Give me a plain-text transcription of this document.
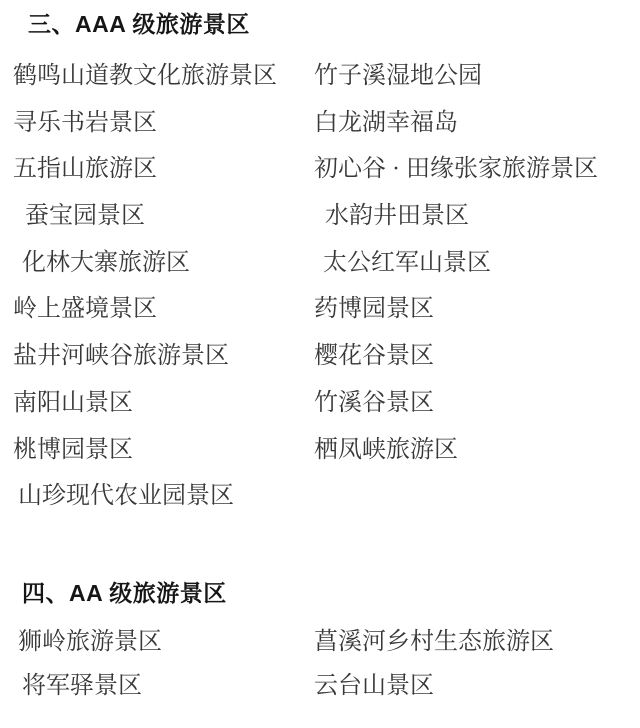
三、AAA 级旅游景区
鹤鸣山道教文化旅游景区	竹子溪湿地公园
寻乐书岩景区	白龙湖幸福岛
五指山旅游区	初心谷 · 田缘张家旅游景区
蚕宝园景区	水韵井田景区
化林大寨旅游区	太公红军山景区
岭上盛境景区	药博园景区
盐井河峡谷旅游景区	樱花谷景区
南阳山景区	竹溪谷景区
桃博园景区	栖凤峡旅游区
山珍现代农业园景区
四、AA 级旅游景区
狮岭旅游景区	菖溪河乡村生态旅游区
将军驿景区	云台山景区
